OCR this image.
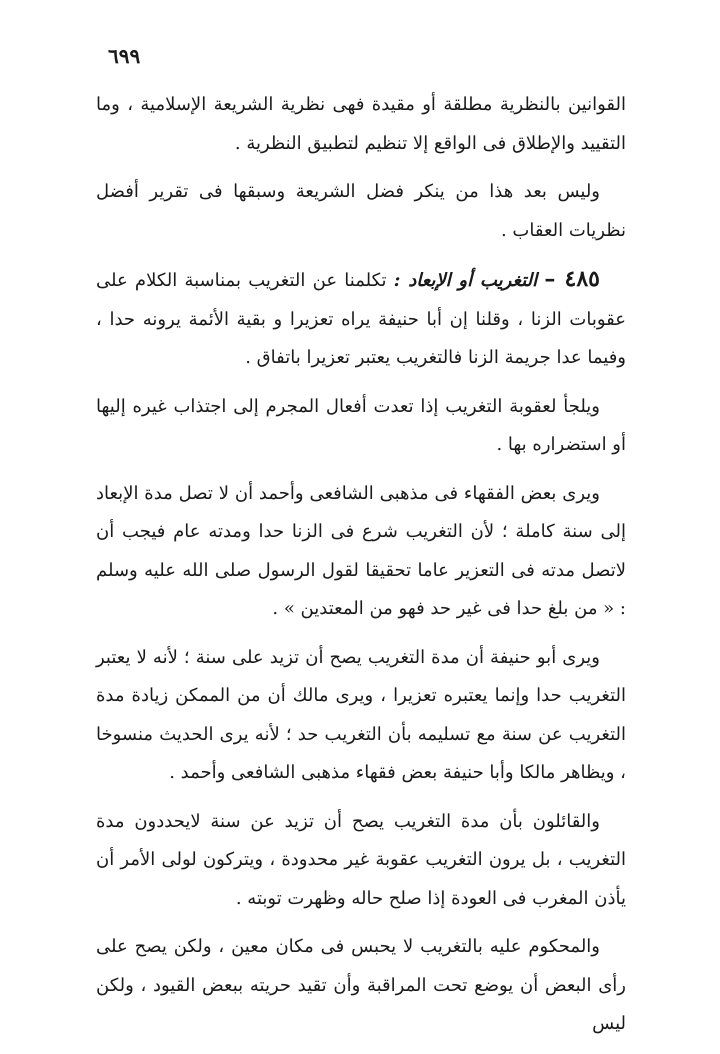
٦٩٩

القوانين بالنظرية مطلقة أو مقيدة فهى نظرية الشريعة الإسلامية ، وما التقييد والإطلاق فى الواقع إلا تنظيم لتطبيق النظرية .

وليس بعد هذا من ينكر فضل الشريعة وسبقها فى تقرير أفضل نظريات العقاب .

٤٨٥ – التغريب أو الإبعاد : تكلمنا عن التغريب بمناسبة الكلام على عقوبات الزنا ، وقلنا إن أبا حنيفة يراه تعزيرا و بقية الأئمة يرونه حدا ، وفيما عدا جريمة الزنا فالتغريب يعتبر تعزيرا باتفاق .

ويلجأ لعقوبة التغريب إذا تعدت أفعال المجرم إلى اجتذاب غيره إليها أو استضراره بها .

ويرى بعض الفقهاء فى مذهبى الشافعى وأحمد أن لا تصل مدة الإبعاد إلى سنة كاملة ؛ لأن التغريب شرع فى الزنا حدا ومدته عام فيجب أن لاتصل مدته فى التعزير عاما تحقيقا لقول الرسول صلى الله عليه وسلم : « من بلغ حدا فى غير حد فهو من المعتدين » .

ويرى أبو حنيفة أن مدة التغريب يصح أن تزيد على سنة ؛ لأنه لا يعتبر التغريب حدا وإنما يعتبره تعزيرا ، ويرى مالك أن من الممكن زيادة مدة التغريب عن سنة مع تسليمه بأن التغريب حد ؛ لأنه يرى الحديث منسوخا ، ويظاهر مالكا وأبا حنيفة بعض فقهاء مذهبى الشافعى وأحمد .

والقائلون بأن مدة التغريب يصح أن تزيد عن سنة لايحددون مدة التغريب ، بل يرون التغريب عقوبة غير محدودة ، ويتركون لولى الأمر أن يأذن المغرب فى العودة إذا صلح حاله وظهرت توبته .

والمحكوم عليه بالتغريب لا يحبس فى مكان معين ، ولكن يصح على رأى البعض أن يوضع تحت المراقبة وأن تقيد حريته ببعض القيود ، ولكن ليس
